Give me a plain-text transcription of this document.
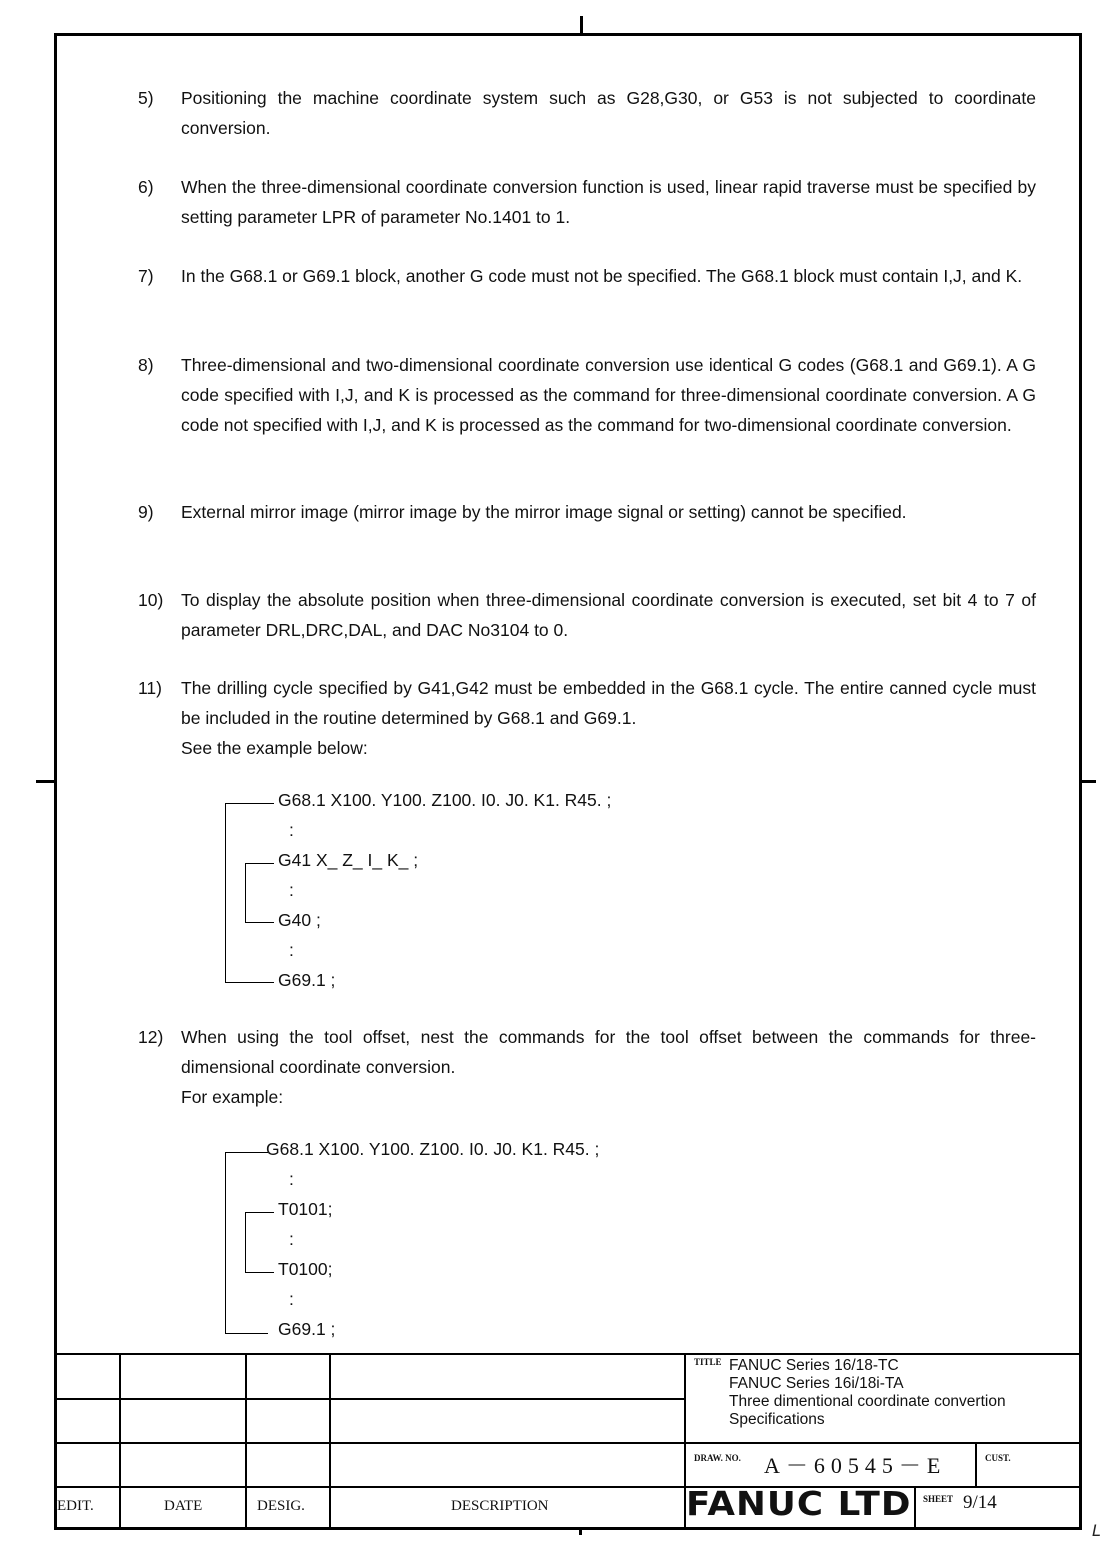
5) Positioning the machine coordinate system such as G28,G30, or G53 is not subjected to coordinate conversion.

6) When the three-dimensional coordinate conversion function is used, linear rapid traverse must be specified by setting parameter LPR of parameter No.1401 to 1.

7) In the G68.1 or G69.1 block, another G code must not be specified. The G68.1 block must contain I,J, and K.

8) Three-dimensional and two-dimensional coordinate conversion use identical G codes (G68.1 and G69.1). A G code specified with I,J, and K is processed as the command for three-dimensional coordinate conversion. A G code not specified with I,J, and K is processed as the command for two-dimensional coordinate conversion.

9) External mirror image (mirror image by the mirror image signal or setting) cannot be specified.

10) To display the absolute position when three-dimensional coordinate conversion is executed, set bit 4 to 7 of parameter DRL,DRC,DAL, and DAC No3104 to 0.

11) The drilling cycle specified by G41,G42 must be embedded in the G68.1 cycle. The entire canned cycle must be included in the routine determined by G68.1 and G69.1.

See the example below:

G68.1 X100. Y100. Z100. I0. J0. K1. R45. ;
:
G41 X_ Z_ I_ K_ ;
:
G40 ;
:
G69.1 ;
12) When using the tool offset, nest the commands for the tool offset between the commands for three-dimensional coordinate conversion.

For example:

G68.1 X100. Y100. Z100. I0. J0. K1. R45. ;
:
T0101;
:
T0100;
:
G69.1 ;
EDIT.	DATE	DESIG.	DESCRIPTION
TITLE FANUC Series 16/18-TC
FANUC Series 16i/18i-TA
Three dimentional coordinate convertion
Specifications
DRAW. NO. A－60545－E	CUST.
FANUC LTD SHEET 9/14
L
